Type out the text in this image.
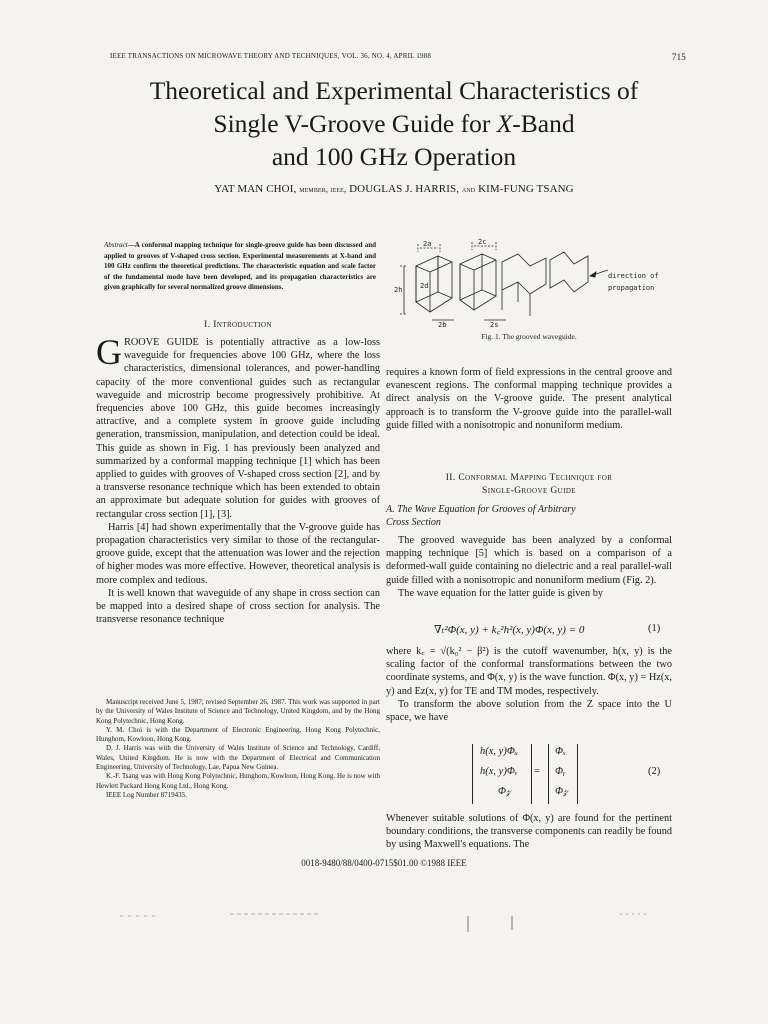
IEEE TRANSACTIONS ON MICROWAVE THEORY AND TECHNIQUES, VOL. 36, NO. 4, APRIL 1988	715
Theoretical and Experimental Characteristics of
Single V-Groove Guide for X-Band
and 100 GHz Operation
YAT MAN CHOI, member, ieee, DOUGLAS J. HARRIS, and KIM-FUNG TSANG
Abstract—A conformal mapping technique for single-groove guide has been discussed and applied to grooves of V-shaped cross section. Experimental measurements at X-band and 100 GHz confirm the theoretical predictions. The characteristic equation and scale factor of the fundamental mode have been developed, and its propagation characteristics are given graphically for several normalized groove dimensions.
I. Introduction

GROOVE GUIDE is potentially attractive as a low-loss waveguide for frequencies above 100 GHz, where the loss characteristics, dimensional tolerances, and power-handling capacity of the more conventional guides such as rectangular waveguide and microstrip become progressively prohibitive. At frequencies above 100 GHz, this guide becomes increasingly attractive, and a complete system in groove guide including generation, transmission, manipulation, and detection could be ideal. This guide as shown in Fig. 1 has previously been analyzed and summarized by a conformal mapping technique [1] which has been applied to guides with grooves of V-shaped cross section [2], and by a transverse resonance technique which has been extended to obtain an approximate but adequate solution for guides with grooves of rectangular cross section [1], [3].

Harris [4] had shown experimentally that the V-groove guide has propagation characteristics very similar to those of the rectangular-groove guide, except that the attenuation was lower and the rejection of higher modes was more effective. However, theoretical analysis is more complex and tedious.

It is well known that waveguide of any shape in cross section can be mapped into a desired shape of cross section for analysis. The transverse resonance technique

Manuscript received June 5, 1987; revised September 26, 1987. This work was supported in part by the University of Wales Institute of Science and Technology, United Kingdom, and by the Hong Kong Polytechnic, Hong Kong.

Y. M. Choi is with the Department of Electronic Engineering, Hong Kong Polytechnic, Hunghom, Kowloon, Hong Kong.

D. J. Harris was with the University of Wales Institute of Science and Technology, Cardiff, Wales, United Kingdom. He is now with the Department of Electrical and Communication Engineering, University of Technology, Lae, Papua New Guinea.

K.-F. Tsang was with Hong Kong Polytechnic, Hunghom, Kowloon, Hong Kong. He is now with Hewlett Packard Hong Kong Ltd., Hong Kong.

IEEE Log Number 8719435.

direction of
propagation
2a	2c
2h	2d
2b	2s
Fig. 1. The grooved waveguide.

requires a known form of field expressions in the central groove and evanescent regions. The conformal mapping technique provides a direct analysis on the V-groove guide. The present analytical approach is to transform the V-groove guide into the parallel-wall guide filled with a nonisotropic and nonuniform medium.

II. Conformal Mapping Technique for
Single-Groove Guide
A. The Wave Equation for Grooves of Arbitrary
Cross Section

The grooved waveguide has been analyzed by a conformal mapping technique [5] which is based on a comparison of a deformed-wall guide containing no dielectric and a real parallel-wall guide filled with a nonisotropic and nonuniform medium (Fig. 2).

The wave equation for the latter guide is given by

∇ₜ²Φ(x, y) + k꜀²h²(x, y)Φ(x, y) = 0	(1)

where k꜀ = √(k₀² − β²) is the cutoff wavenumber, h(x, y) is the scaling factor of the conformal transformations between the two coordinate systems, and Φ(x, y) is the wave function. Φ(x, y) = Hz(x, y) and Ez(x, y) for TE and TM modes, respectively.

To transform the above solution from the Z space into the U space, we have

h(x, y)Φᵤ
h(x, y)Φᵥ
Φ𝓏
=
Φₓ
Φᵧ
Φ𝓏
(2)

Whenever suitable solutions of Φ(x, y) are found for the pertinent boundary conditions, the transverse components can readily be found by using Maxwell's equations. The

0018-9480/88/0400-0715$01.00 ©1988 IEEE
